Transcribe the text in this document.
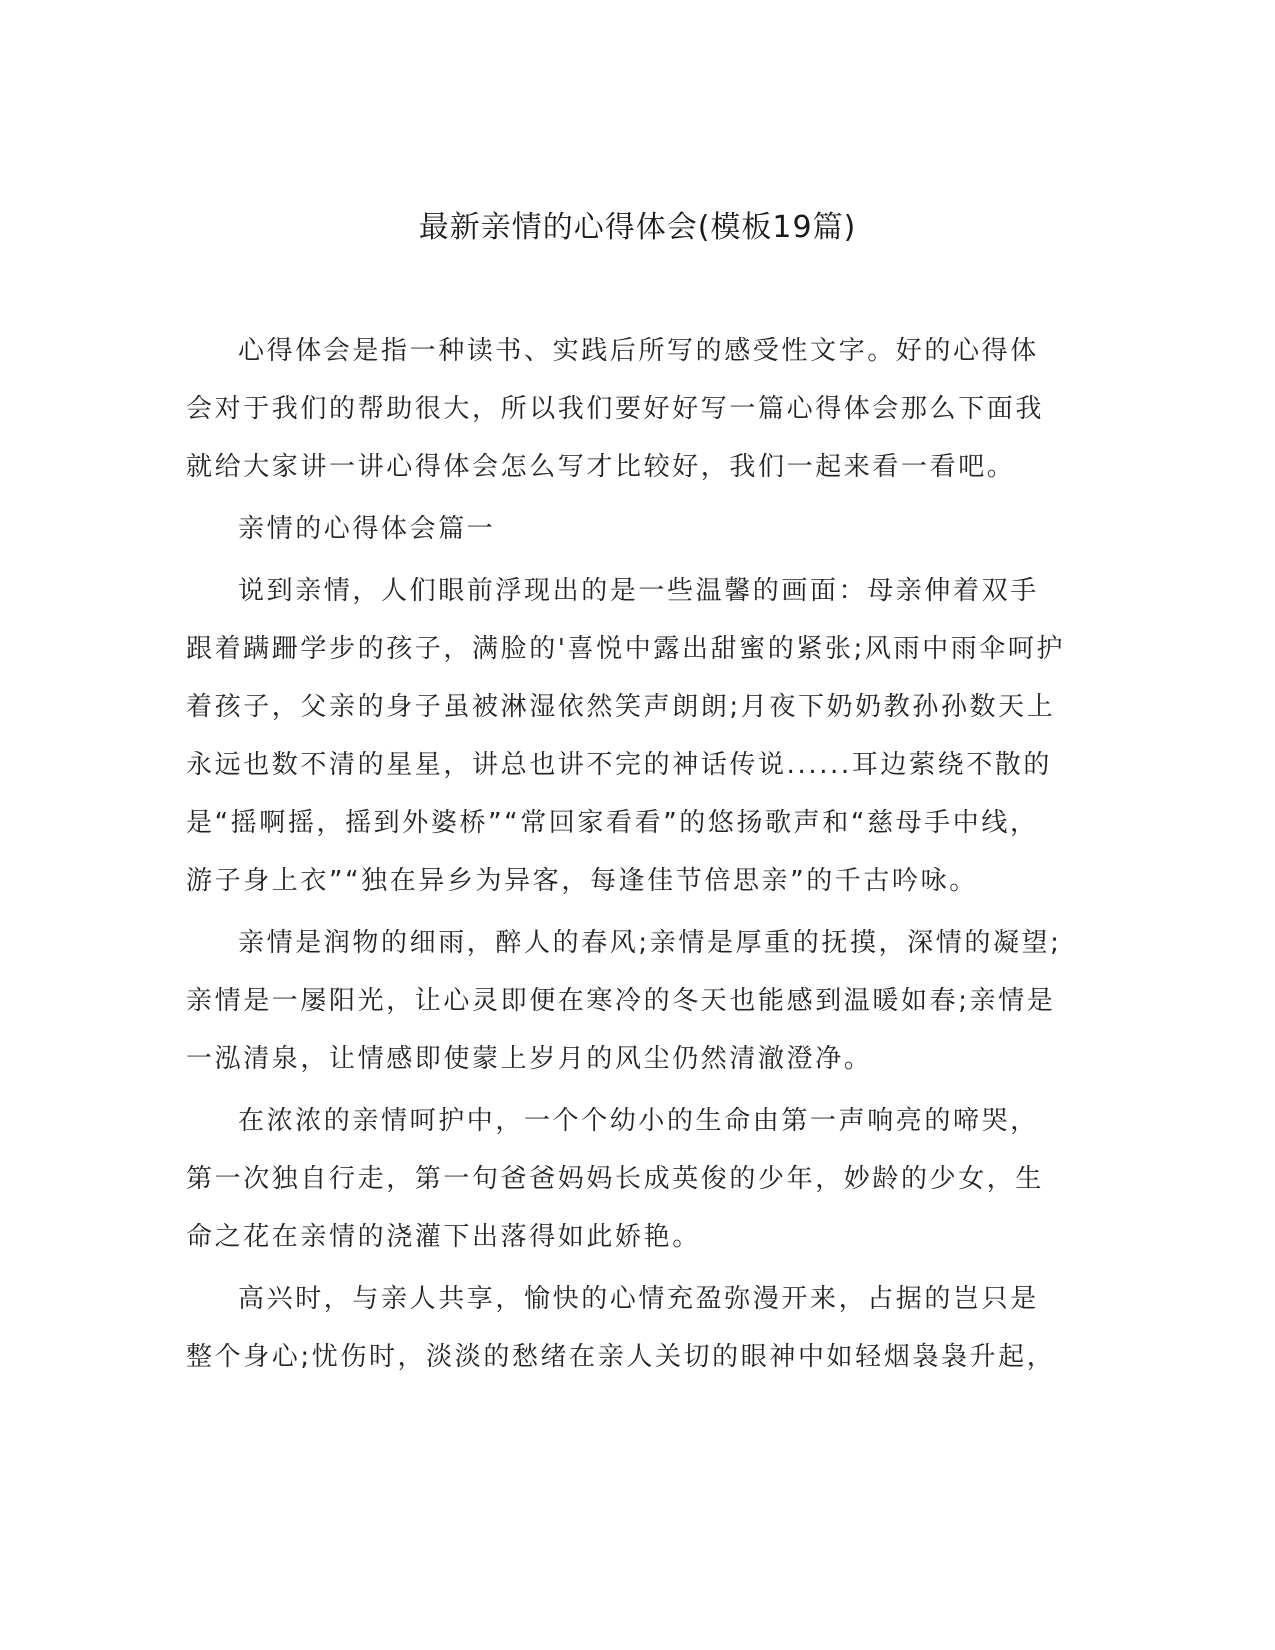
最新亲情的心得体会(模板19篇)

心得体会是指一种读书、实践后所写的感受性文字。好的心得体会对于我们的帮助很大，所以我们要好好写一篇心得体会那么下面我就给大家讲一讲心得体会怎么写才比较好，我们一起来看一看吧。

亲情的心得体会篇一

说到亲情，人们眼前浮现出的是一些温馨的画面：母亲伸着双手跟着蹒跚学步的孩子，满脸的'喜悦中露出甜蜜的紧张;风雨中雨伞呵护着孩子，父亲的身子虽被淋湿依然笑声朗朗;月夜下奶奶教孙孙数天上永远也数不清的星星，讲总也讲不完的神话传说......耳边萦绕不散的是“摇啊摇，摇到外婆桥”“常回家看看”的悠扬歌声和“慈母手中线，游子身上衣”“独在异乡为异客，每逢佳节倍思亲”的千古吟咏。

亲情是润物的细雨，醉人的春风;亲情是厚重的抚摸，深情的凝望;亲情是一屡阳光，让心灵即便在寒冷的冬天也能感到温暖如春;亲情是一泓清泉，让情感即使蒙上岁月的风尘仍然清澈澄净。

在浓浓的亲情呵护中，一个个幼小的生命由第一声响亮的啼哭，第一次独自行走，第一句爸爸妈妈长成英俊的少年，妙龄的少女，生命之花在亲情的浇灌下出落得如此娇艳。

高兴时，与亲人共享，愉快的心情充盈弥漫开来，占据的岂只是整个身心;忧伤时，淡淡的愁绪在亲人关切的眼神中如轻烟袅袅升起，
